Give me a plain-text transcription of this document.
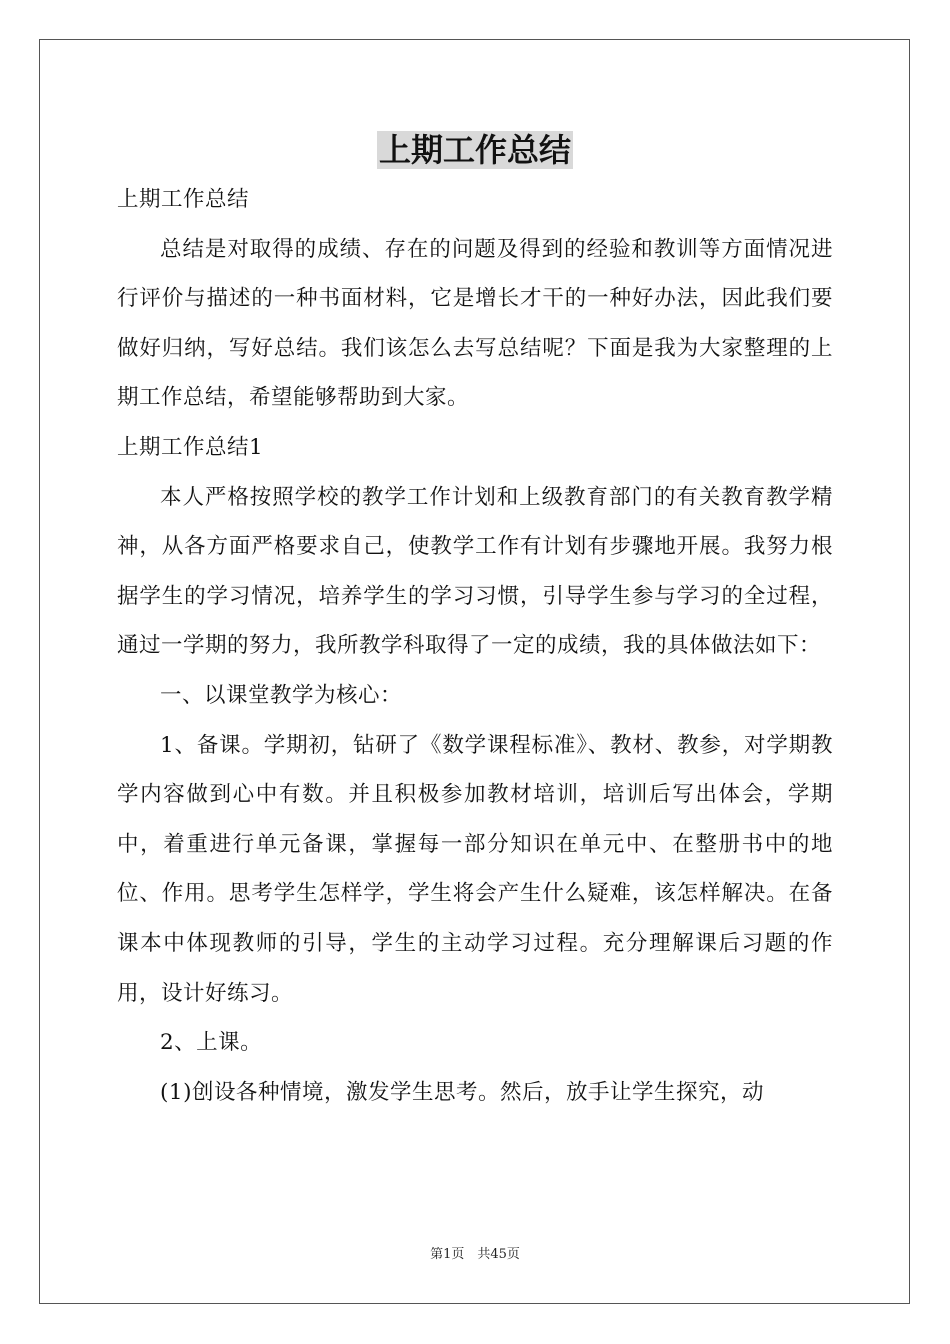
上期工作总结

上期工作总结

总结是对取得的成绩、存在的问题及得到的经验和教训等方面情况进行评价与描述的一种书面材料，它是增长才干的一种好办法，因此我们要做好归纳，写好总结。我们该怎么去写总结呢？下面是我为大家整理的上期工作总结，希望能够帮助到大家。

上期工作总结1

本人严格按照学校的教学工作计划和上级教育部门的有关教育教学精神，从各方面严格要求自己，使教学工作有计划有步骤地开展。我努力根据学生的学习情况，培养学生的学习习惯，引导学生参与学习的全过程，通过一学期的努力，我所教学科取得了一定的成绩，我的具体做法如下：

一、以课堂教学为核心：

1、备课。学期初，钻研了《数学课程标准》、教材、教参，对学期教学内容做到心中有数。并且积极参加教材培训，培训后写出体会，学期中，着重进行单元备课，掌握每一部分知识在单元中、在整册书中的地位、作用。思考学生怎样学，学生将会产生什么疑难，该怎样解决。在备课本中体现教师的引导，学生的主动学习过程。充分理解课后习题的作用，设计好练习。

2、上课。

(1)创设各种情境，激发学生思考。然后，放手让学生探究，动

第1页　共45页
